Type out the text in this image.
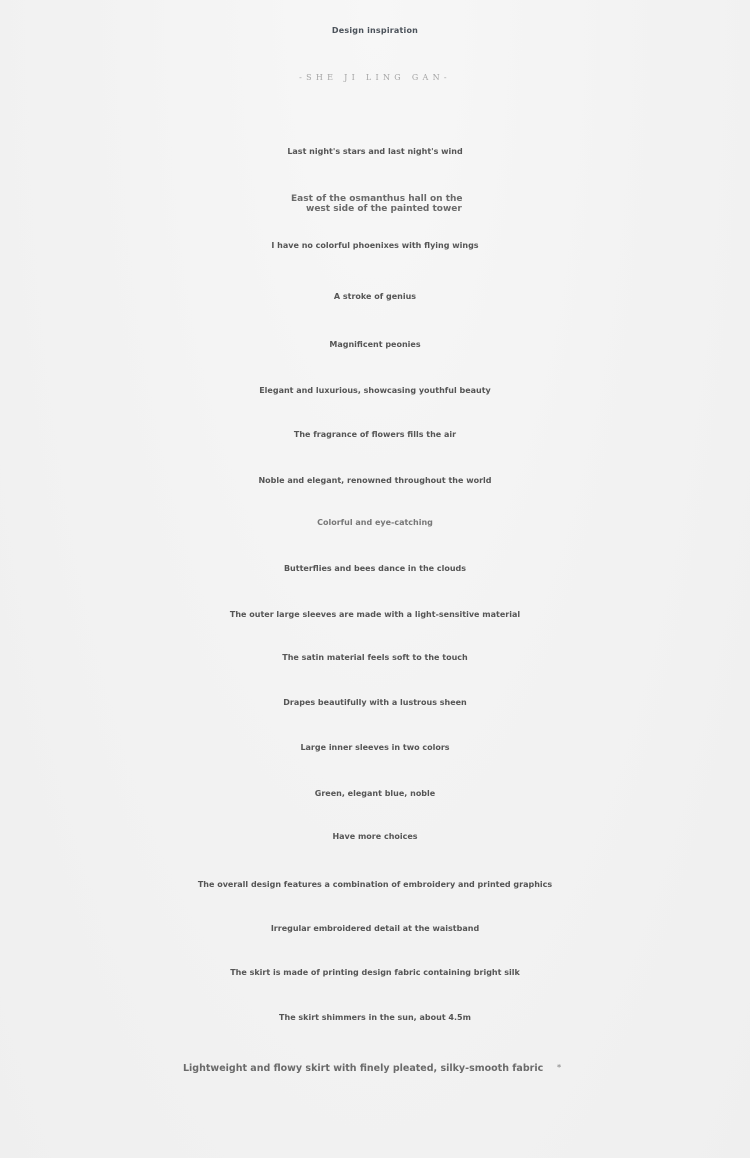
Design inspiration
-SHE JI LING GAN-
Last night's stars and last night's wind
East of the osmanthus hall on the
west side of the painted tower
I have no colorful phoenixes with flying wings
A stroke of genius
Magnificent peonies
Elegant and luxurious, showcasing youthful beauty
The fragrance of flowers fills the air
Noble and elegant, renowned throughout the world
Colorful and eye-catching
Butterflies and bees dance in the clouds
The outer large sleeves are made with a light-sensitive material
The satin material feels soft to the touch
Drapes beautifully with a lustrous sheen
Large inner sleeves in two colors
Green, elegant blue, noble
Have more choices
The overall design features a combination of embroidery and printed graphics
Irregular embroidered detail at the waistband
The skirt is made of printing design fabric containing bright silk
The skirt shimmers in the sun, about 4.5m
Lightweight and flowy skirt with finely pleated, silky-smooth fabric *
